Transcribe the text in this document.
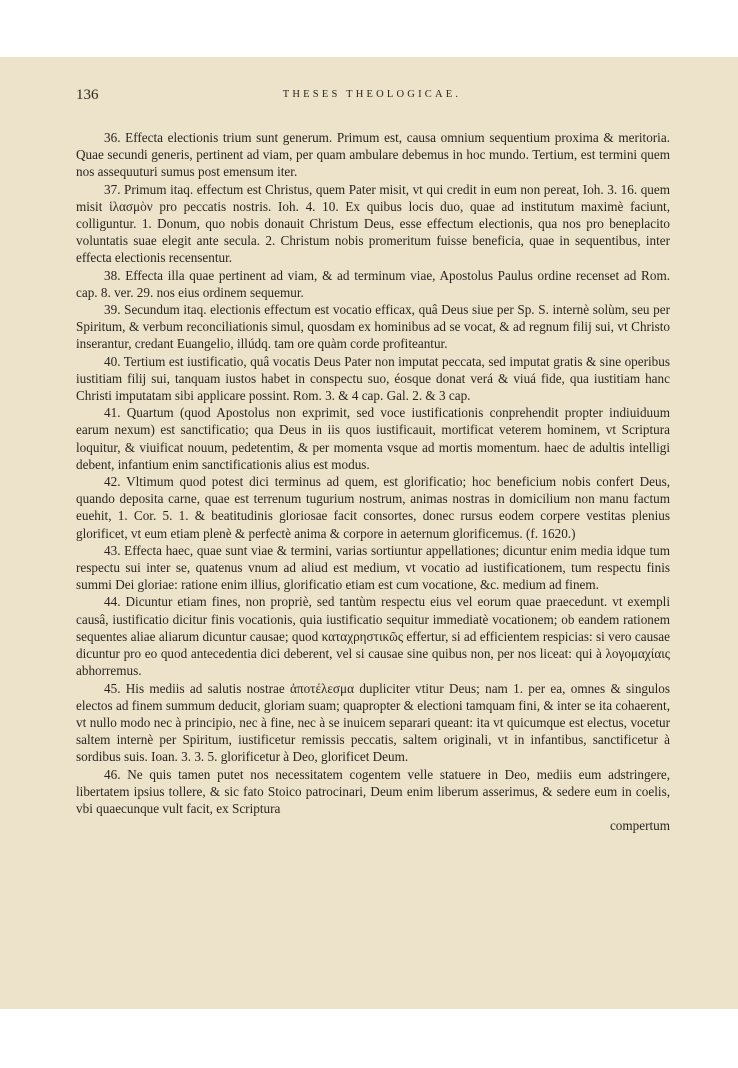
136	THESES THEOLOGICAE.

36. Effecta electionis trium sunt generum. Primum est, causa omnium sequentium proxima & meritoria. Quae secundi generis, pertinent ad viam, per quam ambulare debemus in hoc mundo. Tertium, est termini quem nos assequuturi sumus post emensum iter.

37. Primum itaq. effectum est Christus, quem Pater misit, vt qui credit in eum non pereat, Ioh. 3. 16. quem misit ἱλασμὸν pro peccatis nostris. Ioh. 4. 10. Ex quibus locis duo, quae ad institutum maximè faciunt, colliguntur. 1. Donum, quo nobis donauit Christum Deus, esse effectum electionis, qua nos pro beneplacito voluntatis suae elegit ante secula. 2. Christum nobis promeritum fuisse beneficia, quae in sequentibus, inter effecta electionis recensentur.

38. Effecta illa quae pertinent ad viam, & ad terminum viae, Apostolus Paulus ordine recenset ad Rom. cap. 8. ver. 29. nos eius ordinem sequemur.

39. Secundum itaq. electionis effectum est vocatio efficax, quâ Deus siue per Sp. S. internè solùm, seu per Spiritum, & verbum reconciliationis simul, quosdam ex hominibus ad se vocat, & ad regnum filij sui, vt Christo inserantur, credant Euangelio, illúdq. tam ore quàm corde profiteantur.

40. Tertium est iustificatio, quâ vocatis Deus Pater non imputat peccata, sed imputat gratis & sine operibus iustitiam filij sui, tanquam iustos habet in conspectu suo, éosque donat verá & viuá fide, qua iustitiam hanc Christi imputatam sibi applicare possint. Rom. 3. & 4 cap. Gal. 2. & 3 cap.

41. Quartum (quod Apostolus non exprimit, sed voce iustificationis conprehendit propter indiuiduum earum nexum) est sanctificatio; qua Deus in iis quos iustificauit, mortificat veterem hominem, vt Scriptura loquitur, & viuificat nouum, pedetentim, & per momenta vsque ad mortis momentum. haec de adultis intelligi debent, infantium enim sanctificationis alius est modus.

42. Vltimum quod potest dici terminus ad quem, est glorificatio; hoc beneficium nobis confert Deus, quando deposita carne, quae est terrenum tugurium nostrum, animas nostras in domicilium non manu factum euehit, 1. Cor. 5. 1. & beatitudinis gloriosae facit consortes, donec rursus eodem corpere vestitas plenius glorificet, vt eum etiam plenè & perfectè anima & corpore in aeternum glorificemus. (f. 1620.)

43. Effecta haec, quae sunt viae & termini, varias sortiuntur appellationes; dicuntur enim media idque tum respectu sui inter se, quatenus vnum ad aliud est medium, vt vocatio ad iustificationem, tum respectu finis summi Dei gloriae: ratione enim illius, glorificatio etiam est cum vocatione, &c. medium ad finem.

44. Dicuntur etiam fines, non propriè, sed tantùm respectu eius vel eorum quae praecedunt. vt exempli causâ, iustificatio dicitur finis vocationis, quia iustificatio sequitur immediatè vocationem; ob eandem rationem sequentes aliae aliarum dicuntur causae; quod καταχρηστικῶς effertur, si ad efficientem respicias: si vero causae dicuntur pro eo quod antecedentia dici deberent, vel si causae sine quibus non, per nos liceat: qui à λογομαχίαις abhorremus.

45. His mediis ad salutis nostrae ἀποτέλεσμα dupliciter vtitur Deus; nam 1. per ea, omnes & singulos electos ad finem summum deducit, gloriam suam; quapropter & electioni tamquam fini, & inter se ita cohaerent, vt nullo modo nec à principio, nec à fine, nec à se inuicem separari queant: ita vt quicumque est electus, vocetur saltem internè per Spiritum, iustificetur remissis peccatis, saltem originali, vt in infantibus, sanctificetur à sordibus suis. Ioan. 3. 3. 5. glorificetur à Deo, glorificet Deum.

46. Ne quis tamen putet nos necessitatem cogentem velle statuere in Deo, mediis eum adstringere, libertatem ipsius tollere, & sic fato Stoico patrocinari, Deum enim liberum asserimus, & sedere eum in coelis, vbi quaecunque vult facit, ex Scriptura

compertum
